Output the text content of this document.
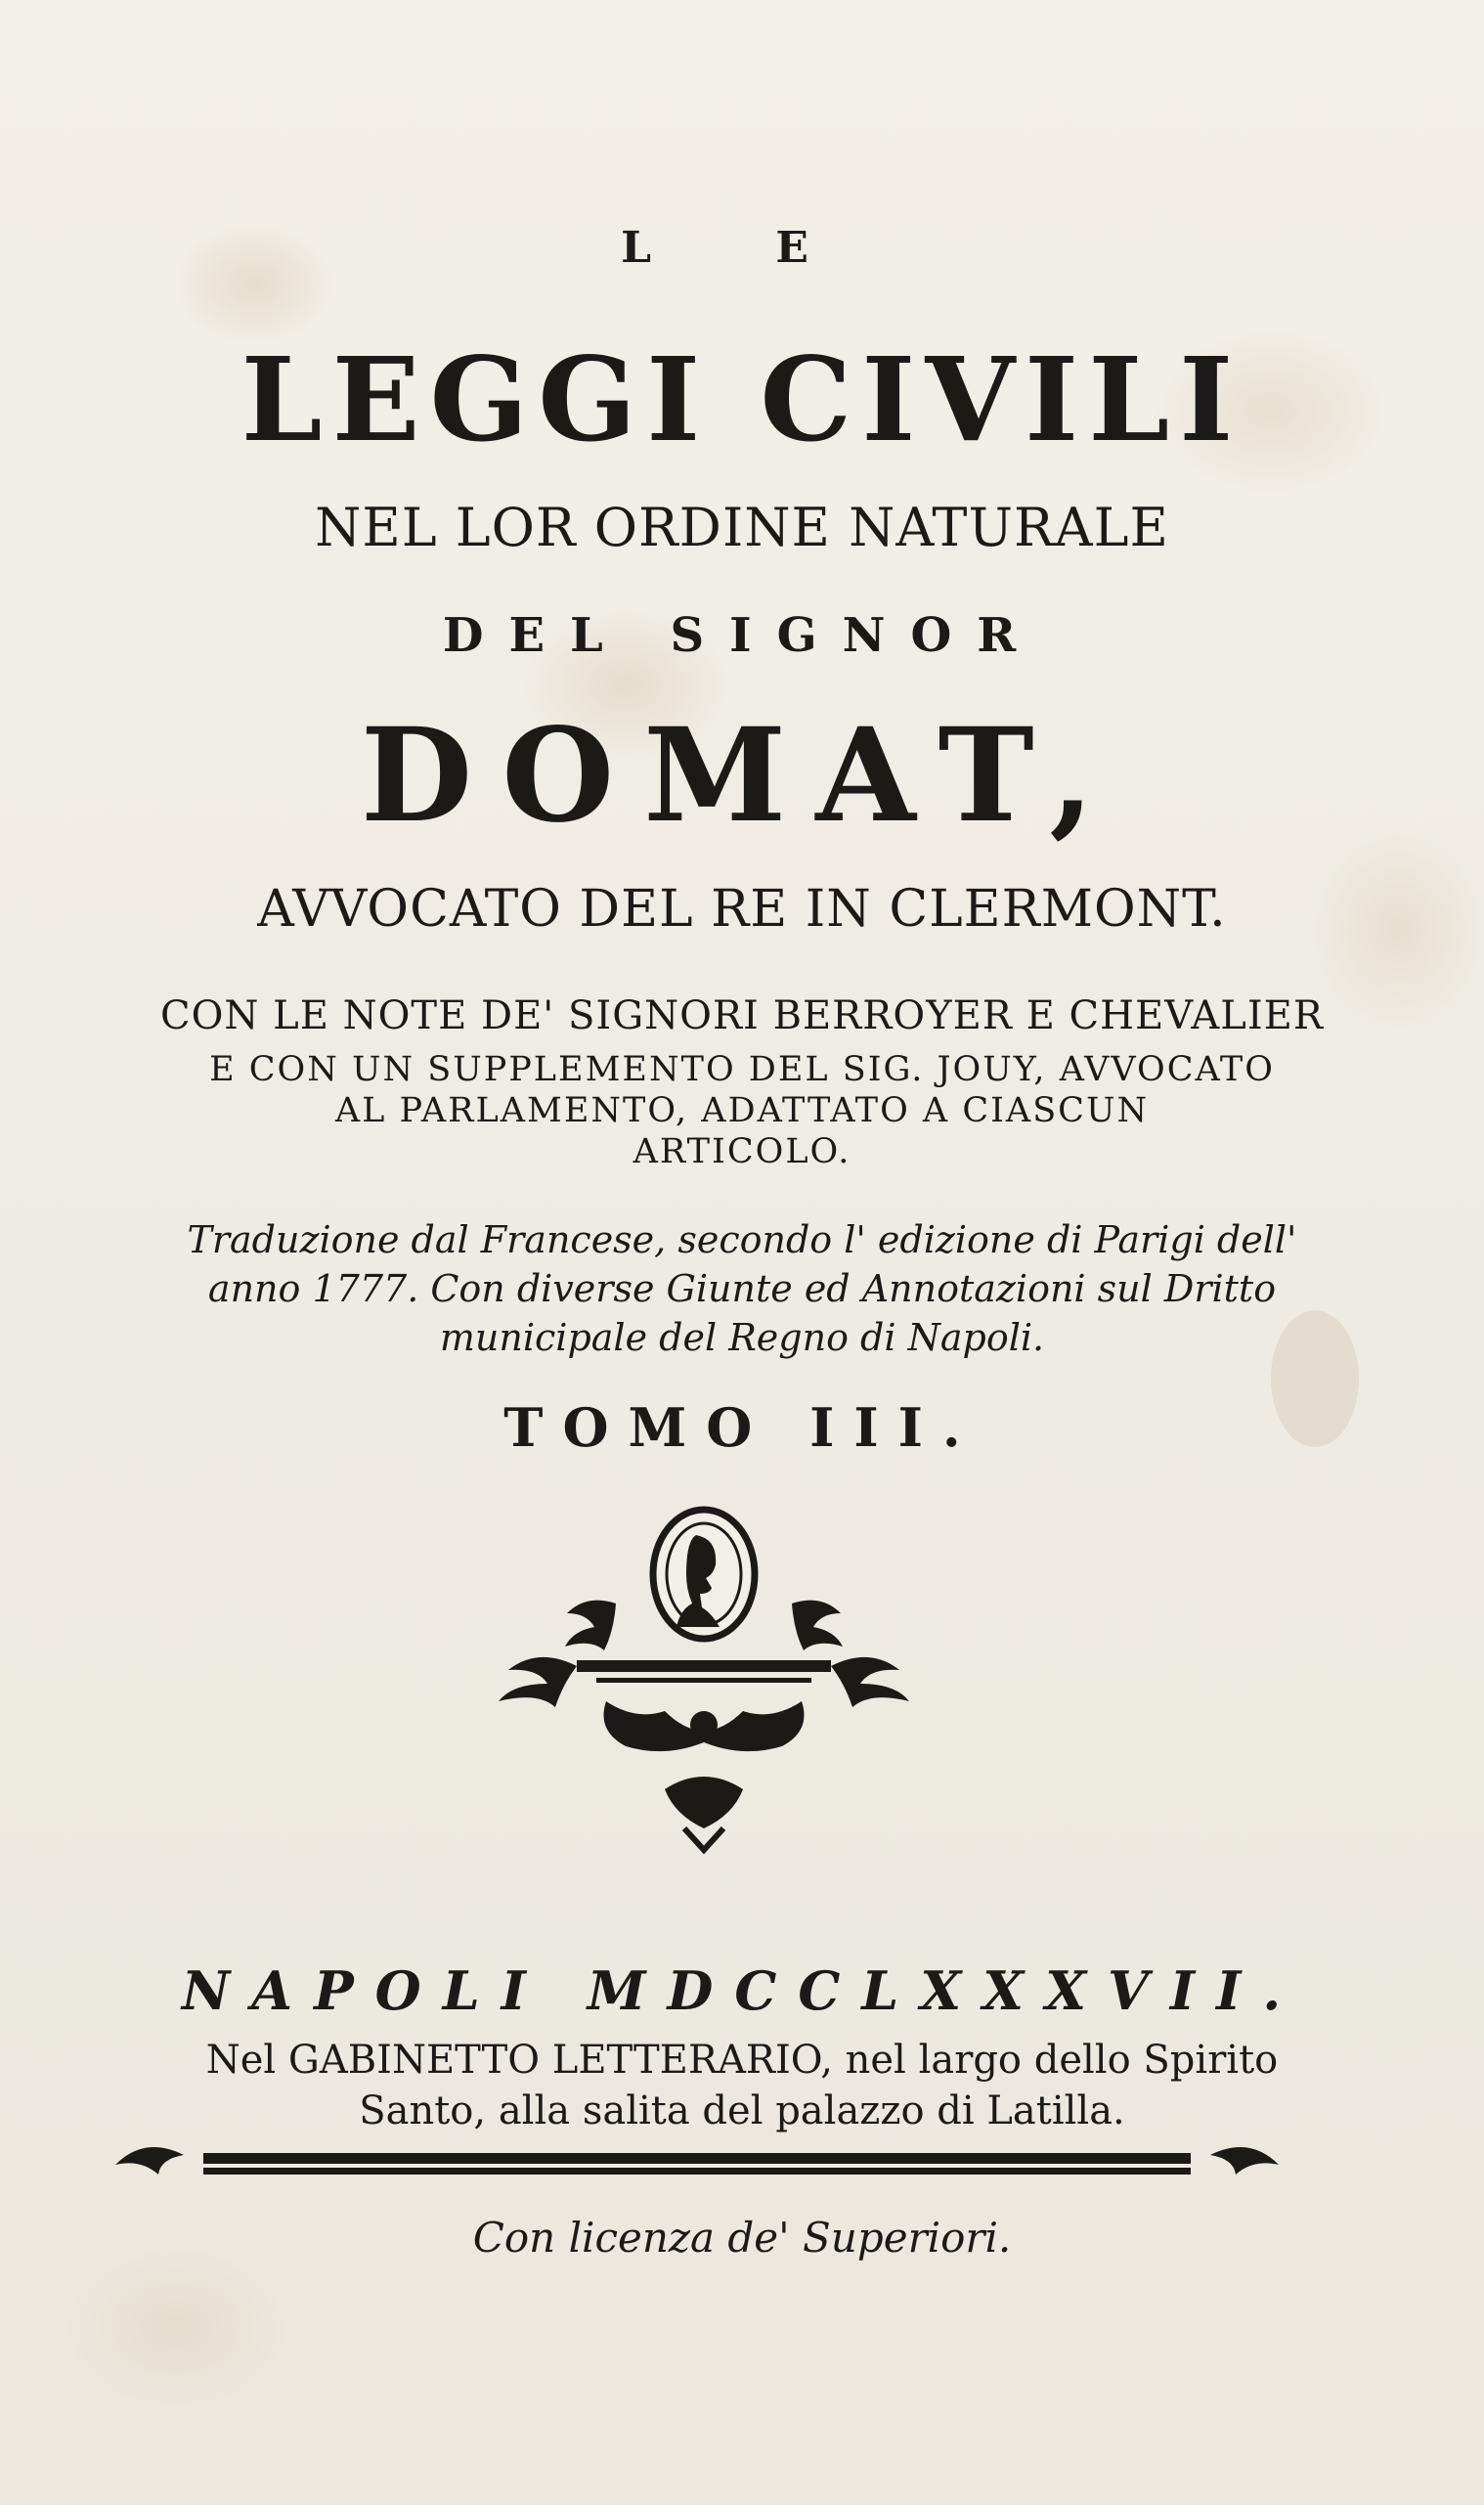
L E
LEGGI CIVILI
NEL LOR ORDINE NATURALE
DEL SIGNOR
DOMAT,
AVVOCATO DEL RE IN CLERMONT.
CON LE NOTE DE' SIGNORI BERROYER E CHEVALIER
E CON UN SUPPLEMENTO DEL SIG. JOUY, AVVOCATO
AL PARLAMENTO, ADATTATO A CIASCUN
ARTICOLO.
Traduzione dal Francese, secondo l' edizione di Parigi dell'
anno 1777. Con diverse Giunte ed Annotazioni sul Dritto
municipale del Regno di Napoli.
TOMO III.
NAPOLI MDCCLXXXVII.
Nel GABINETTO LETTERARIO, nel largo dello Spirito
Santo, alla salita del palazzo di Latilla.
Con licenza de' Superiori.
